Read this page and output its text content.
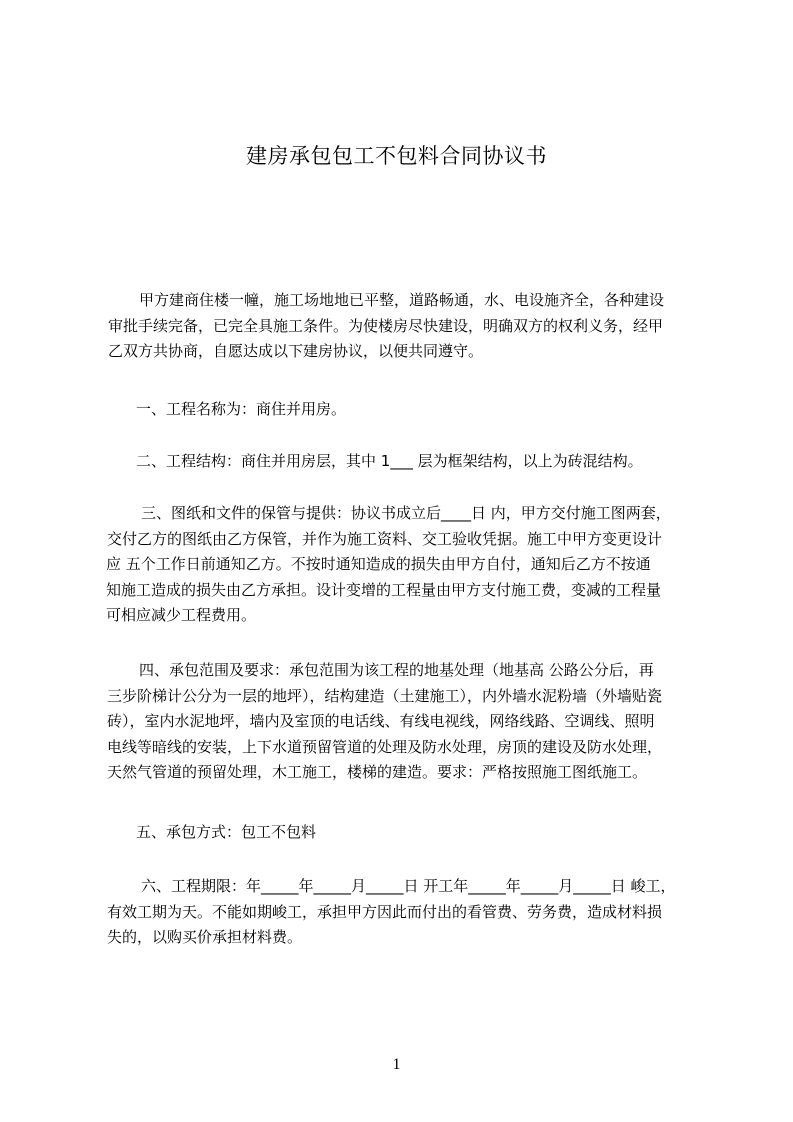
建房承包包工不包料合同协议书

甲方建商住楼一幢，施工场地地已平整，道路畅通，水、电设施齐全，各种建设
审批手续完备，已完全具施工条件。为使楼房尽快建设，明确双方的权利义务，经甲
乙双方共协商，自愿达成以下建房协议，以便共同遵守。

一、工程名称为：商住并用房。

二、工程结构：商住并用房层，其中 1___ 层为框架结构，以上为砖混结构。

三、图纸和文件的保管与提供：协议书成立后____日 内，甲方交付施工图两套，
交付乙方的图纸由乙方保管，并作为施工资料、交工验收凭据。施工中甲方变更设计
应 五个工作日前通知乙方。不按时通知造成的损失由甲方自付，通知后乙方不按通
知施工造成的损失由乙方承担。设计变增的工程量由甲方支付施工费，变减的工程量
可相应减少工程费用。

四、承包范围及要求：承包范围为该工程的地基处理（地基高 公路公分后，再
三步阶梯计公分为一层的地坪），结构建造（土建施工），内外墙水泥粉墙（外墙贴瓷
砖），室内水泥地坪，墙内及室顶的电话线、有线电视线，网络线路、空调线、照明
电线等暗线的安装，上下水道预留管道的处理及防水处理，房顶的建设及防水处理，
天然气管道的预留处理，木工施工，楼梯的建造。要求：严格按照施工图纸施工。

五、承包方式：包工不包料

六、工程期限：年_____年_____月_____日 开工年_____年_____月_____日 峻工，
有效工期为天。不能如期峻工，承担甲方因此而付出的看管费、劳务费，造成材料损
失的，以购买价承担材料费。

1
